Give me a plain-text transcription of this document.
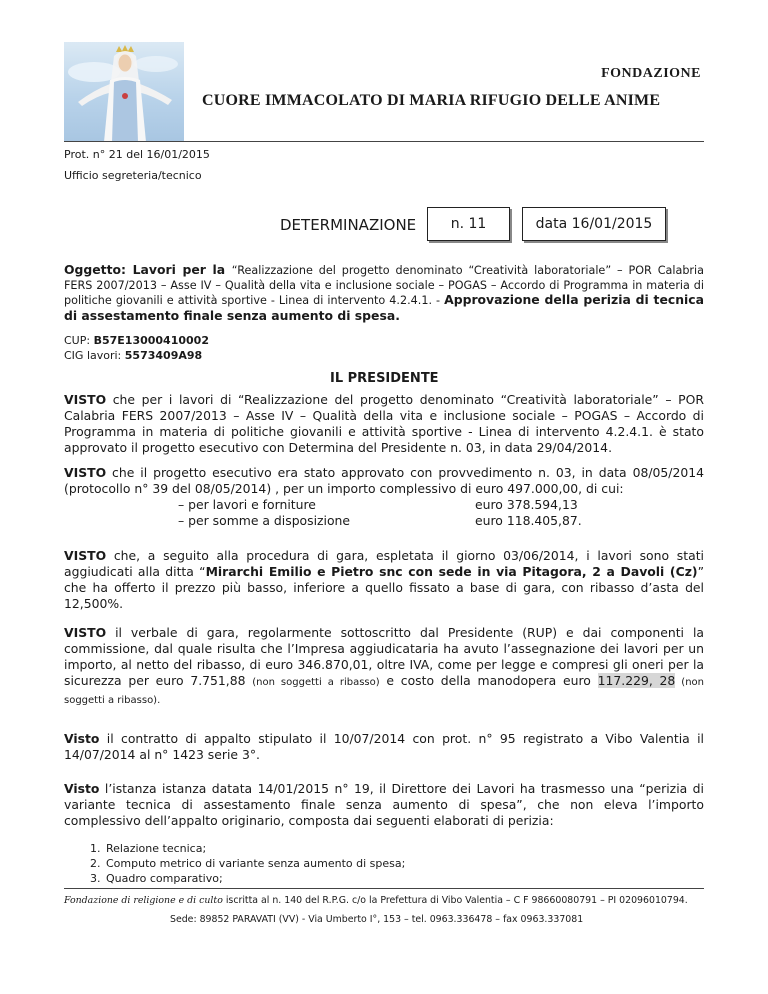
FONDAZIONE
CUORE IMMACOLATO DI MARIA RIFUGIO DELLE ANIME
Prot. n° 21 del 16/01/2015
Ufficio segreteria/tecnico
DETERMINAZIONE n. 11	data 16/01/2015
Oggetto: Lavori per la “Realizzazione del progetto denominato “Creatività laboratoriale” – POR Calabria FERS 2007/2013 – Asse IV – Qualità della vita e inclusione sociale – POGAS – Accordo di Programma in materia di politiche giovanili e attività sportive - Linea di intervento 4.2.4.1. - Approvazione della perizia di tecnica di assestamento finale senza aumento di spesa.
CUP: B57E13000410002
CIG lavori: 5573409A98
IL PRESIDENTE
VISTO che per i lavori di “Realizzazione del progetto denominato “Creatività laboratoriale” – POR Calabria FERS 2007/2013 – Asse IV – Qualità della vita e inclusione sociale – POGAS – Accordo di Programma in materia di politiche giovanili e attività sportive - Linea di intervento 4.2.4.1. è stato approvato il progetto esecutivo con Determina del Presidente n. 03, in data 29/04/2014.
VISTO che il progetto esecutivo era stato approvato con provvedimento n. 03, in data 08/05/2014 (protocollo n° 39 del 08/05/2014) , per un importo complessivo di euro 497.000,00, di cui:
– per lavori e forniture	euro 378.594,13
– per somme a disposizione	euro 118.405,87.
VISTO che, a seguito alla procedura di gara, espletata il giorno 03/06/2014, i lavori sono stati aggiudicati alla ditta “Mirarchi Emilio e Pietro snc con sede in via Pitagora, 2 a Davoli (Cz)” che ha offerto il prezzo più basso, inferiore a quello fissato a base di gara, con ribasso d’asta del 12,500%.
VISTO il verbale di gara, regolarmente sottoscritto dal Presidente (RUP) e dai componenti la commissione, dal quale risulta che l’Impresa aggiudicataria ha avuto l’assegnazione dei lavori per un importo, al netto del ribasso, di euro 346.870,01, oltre IVA, come per legge e compresi gli oneri per la sicurezza per euro 7.751,88 (non soggetti a ribasso) e costo della manodopera euro 117.229, 28 (non soggetti a ribasso).
Visto il contratto di appalto stipulato il 10/07/2014 con prot. n° 95 registrato a Vibo Valentia il 14/07/2014 al n° 1423 serie 3°.
Visto l’istanza istanza datata 14/01/2015 n° 19, il Direttore dei Lavori ha trasmesso una “perizia di variante tecnica di assestamento finale senza aumento di spesa”, che non eleva l’importo complessivo dell’appalto originario, composta dai seguenti elaborati di perizia:
1. Relazione tecnica;
2. Computo metrico di variante senza aumento di spesa;
3. Quadro comparativo;
Fondazione di religione e di culto iscritta al n. 140 del R.P.G. c/o la Prefettura di Vibo Valentia – C F 98660080791 – PI 02096010794.
Sede: 89852 PARAVATI (VV) - Via Umberto I°, 153 – tel. 0963.336478 – fax 0963.337081
